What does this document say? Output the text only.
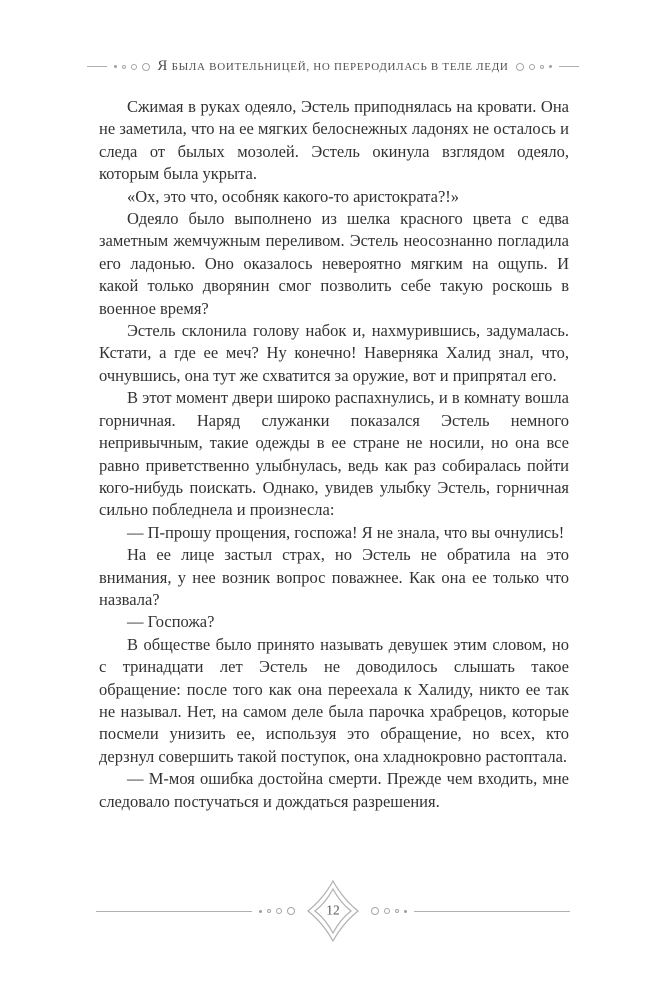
Я БЫЛА ВОИТЕЛЬНИЦЕЙ, НО ПЕРЕРОДИЛАСЬ В ТЕЛЕ ЛЕДИ

Сжимая в руках одеяло, Эстель приподнялась на кровати. Она не заметила, что на ее мягких белоснежных ладонях не осталось и следа от былых мозолей. Эстель окинула взглядом одеяло, которым была укрыта.

«Ох, это что, особняк какого-то аристократа?!»

Одеяло было выполнено из шелка красного цвета с едва заметным жемчужным переливом. Эстель неосознанно погладила его ладонью. Оно оказалось невероятно мягким на ощупь. И какой только дворянин смог позволить себе такую роскошь в военное время?

Эстель склонила голову набок и, нахмурившись, задумалась. Кстати, а где ее меч? Ну конечно! Наверняка Халид знал, что, очнувшись, она тут же схватится за оружие, вот и припрятал его.

В этот момент двери широко распахнулись, и в комнату вошла горничная. Наряд служанки показался Эстель немного непривычным, такие одежды в ее стране не носили, но она все равно приветственно улыбнулась, ведь как раз собиралась пойти кого-нибудь поискать. Однако, увидев улыбку Эстель, горничная сильно побледнела и произнесла:

— П-прошу прощения, госпожа! Я не знала, что вы очнулись!

На ее лице застыл страх, но Эстель не обратила на это внимания, у нее возник вопрос поважнее. Как она ее только что назвала?

— Госпожа?

В обществе было принято называть девушек этим словом, но с тринадцати лет Эстель не доводилось слышать такое обращение: после того как она переехала к Халиду, никто ее так не называл. Нет, на самом деле была парочка храбрецов, которые посмели унизить ее, используя это обращение, но всех, кто дерзнул совершить такой поступок, она хладнокровно растоптала.

— М-моя ошибка достойна смерти. Прежде чем входить, мне следовало постучаться и дождаться разрешения.

12
